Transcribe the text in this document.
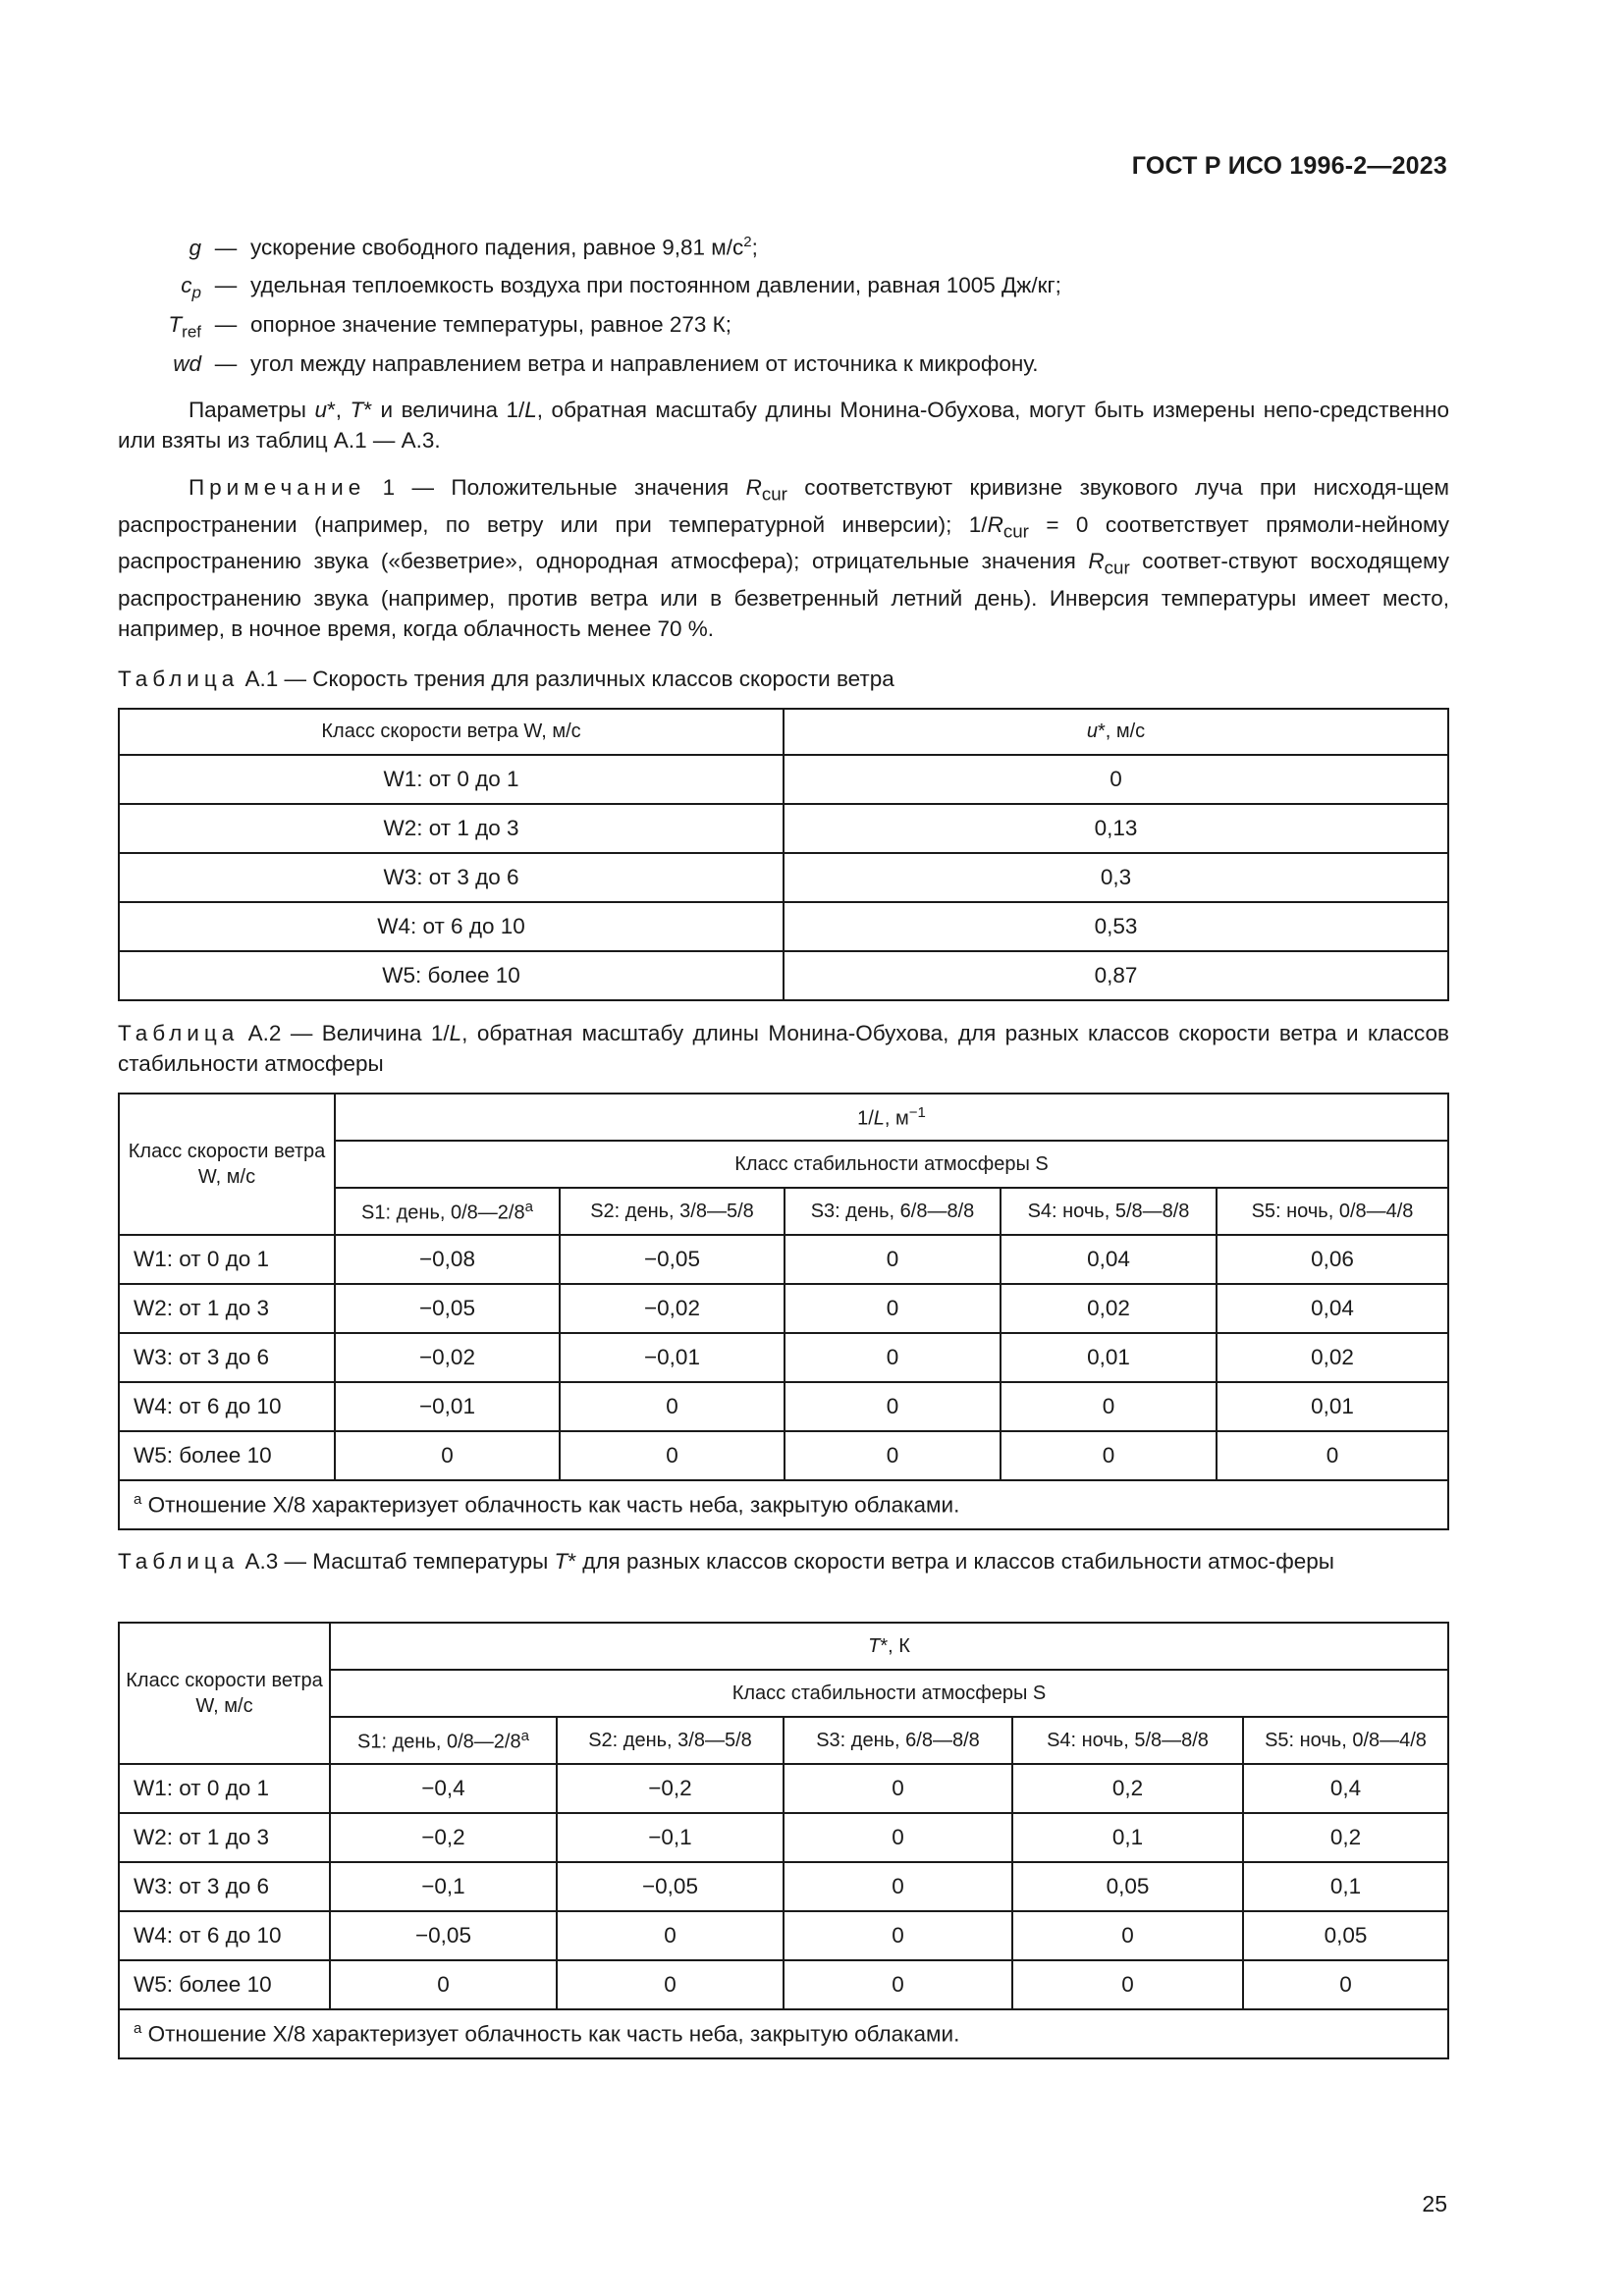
ГОСТ Р ИСО 1996-2—2023
g — ускорение свободного падения, равное 9,81 $м/с^2$;
$c_p$ — удельная теплоемкость воздуха при постоянном давлении, равная 1005 Дж/кг;
$T_{ref}$ — опорное значение температуры, равное 273 К;
wd — угол между направлением ветра и направлением от источника к микрофону.
Параметры u*, T* и величина 1/L, обратная масштабу длины Монина-Обухова, могут быть измерены непо-средственно или взяты из таблиц А.1 — А.3.
Примечание 1 — Положительные значения $R_{cur}$ соответствуют кривизне звукового луча при нисходя-щем распространении (например, по ветру или при температурной инверсии); $1/R_{cur} = 0$ соответствует прямоли-нейному распространению звука («безветрие», однородная атмосфера); отрицательные значения $R_{cur}$ соответ-ствуют восходящему распространению звука (например, против ветра или в безветренный летний день). Инверсия температуры имеет место, например, в ночное время, когда облачность менее 70 %.
Таблица А.1 — Скорость трения для различных классов скорости ветра
Класс скорости ветра W, м/с	u*, м/с
W1: от 0 до 1	0
W2: от 1 до 3	0,13
W3: от 3 до 6	0,3
W4: от 6 до 10	0,53
W5: более 10	0,87
Таблица А.2 — Величина 1/L, обратная масштабу длины Монина-Обухова, для разных классов скорости ветра и классов стабильности атмосферы
Класс скорости ветра W, м/с	1/L, $м^{-1}$
	Класс стабильности атмосферы S				
	S1: день, 0/8—2/8$^a$	S2: день, 3/8—5/8	S3: день, 6/8—8/8	S4: ночь, 5/8—8/8	S5: ночь, 0/8—4/8
W1: от 0 до 1	−0,08	−0,05	0	0,04	0,06
W2: от 1 до 3	−0,05	−0,02	0	0,02	0,04
W3: от 3 до 6	−0,02	−0,01	0	0,01	0,02
W4: от 6 до 10	−0,01	0	0	0	0,01
W5: более 10	0	0	0	0	0
$^a$ Отношение X/8 характеризует облачность как часть неба, закрытую облаками.					
Таблица А.3 — Масштаб температуры T* для разных классов скорости ветра и классов стабильности атмос-феры
Класс скорости ветра W, м/с	T*, К				
	Класс стабильности атмосферы S				
	S1: день, 0/8—2/8$^a$	S2: день, 3/8—5/8	S3: день, 6/8—8/8	S4: ночь, 5/8—8/8	S5: ночь, 0/8—4/8
W1: от 0 до 1	−0,4	−0,2	0	0,2	0,4
W2: от 1 до 3	−0,2	−0,1	0	0,1	0,2
W3: от 3 до 6	−0,1	−0,05	0	0,05	0,1
W4: от 6 до 10	−0,05	0	0	0	0,05
W5: более 10	0	0	0	0	0
$^a$ Отношение X/8 характеризует облачность как часть неба, закрытую облаками.					
25
